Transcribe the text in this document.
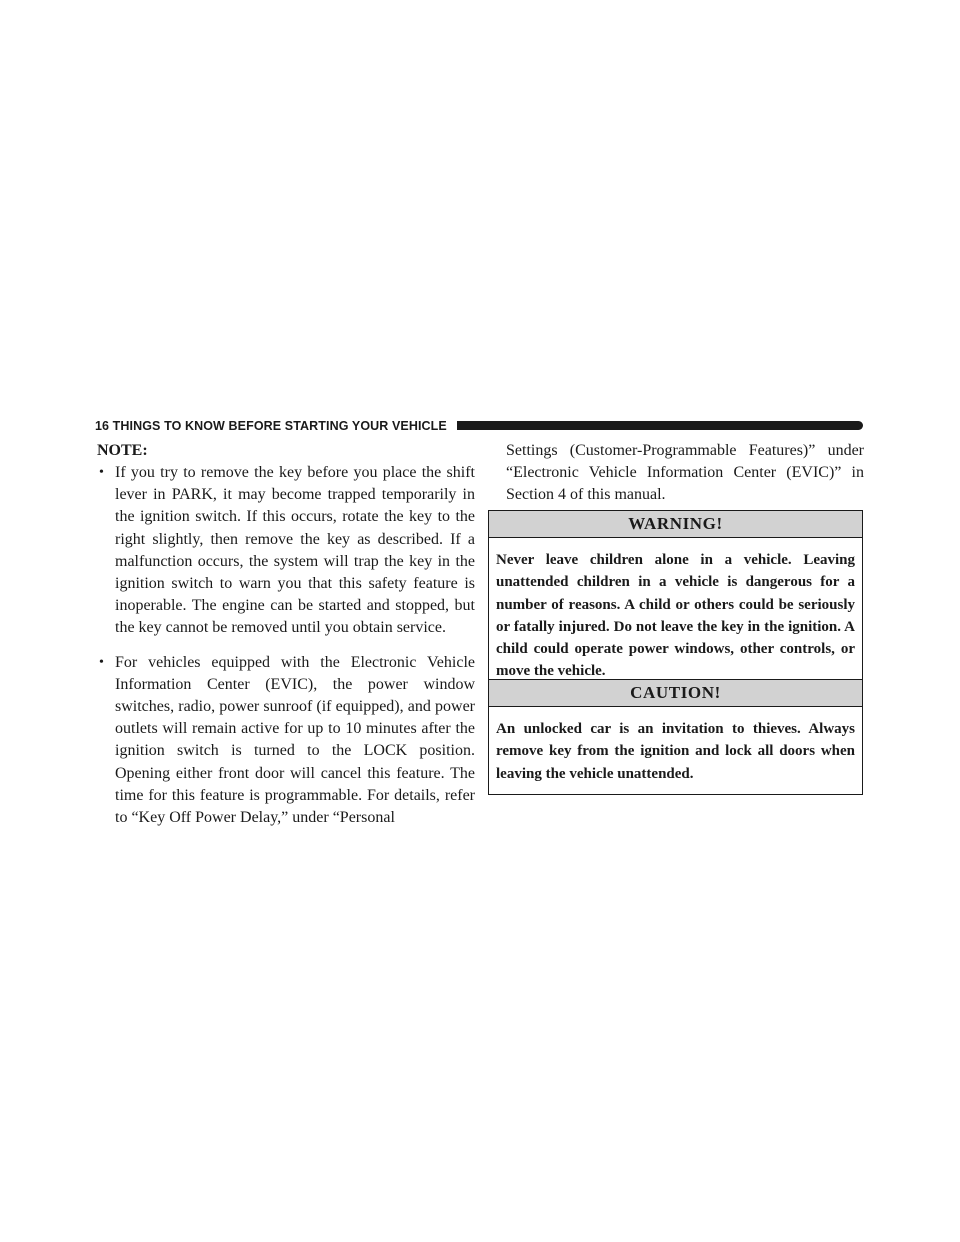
16 THINGS TO KNOW BEFORE STARTING YOUR VEHICLE

NOTE:

• If you try to remove the key before you place the shift lever in PARK, it may become trapped temporarily in the ignition switch. If this occurs, rotate the key to the right slightly, then remove the key as described. If a malfunction occurs, the system will trap the key in the ignition switch to warn you that this safety feature is inoperable. The engine can be started and stopped, but the key cannot be removed until you obtain service.
• For vehicles equipped with the Electronic Vehicle Information Center (EVIC), the power window switches, radio, power sunroof (if equipped), and power outlets will remain active for up to 10 minutes after the ignition switch is turned to the LOCK position. Opening either front door will cancel this feature. The time for this feature is programmable. For details, refer to “Key Off Power Delay,” under “Personal

Settings (Customer-Programmable Features)” under “Electronic Vehicle Information Center (EVIC)” in Section 4 of this manual.

WARNING!
Never leave children alone in a vehicle. Leaving unattended children in a vehicle is dangerous for a number of reasons. A child or others could be seriously or fatally injured. Do not leave the key in the ignition. A child could operate power windows, other controls, or move the vehicle.
CAUTION!
An unlocked car is an invitation to thieves. Always remove key from the ignition and lock all doors when leaving the vehicle unattended.
